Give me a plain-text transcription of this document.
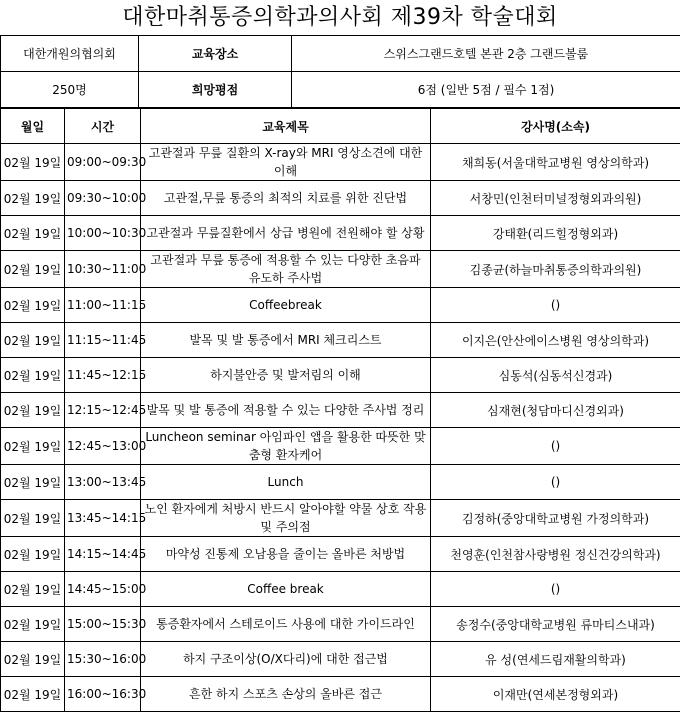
대한마취통증의학과의사회 제39차 학술대회
대한개원의협의회	교육장소	스위스그랜드호텔 본관 2층 그랜드볼룸
250명	희망평점	6점 (일반 5점 / 필수 1점)
월일	시간	교육제목	강사명(소속)
02월 19일	09:00~09:30	고관절과 무릎 질환의 X-ray와 MRI 영상소견에 대한 이해	채희동(서울대학교병원 영상의학과)
02월 19일	09:30~10:00	고관절,무릎 통증의 최적의 치료를 위한 진단법	서창민(인천터미널정형외과의원)
02월 19일	10:00~10:30	고관절과 무릎질환에서 상급 병원에 전원해야 할 상황	강태환(리드힐정형외과)
02월 19일	10:30~11:00	고관절과 무릎 통증에 적용할 수 있는 다양한 초음파 유도하 주사법	김종균(하늘마취통증의학과의원)
02월 19일	11:00~11:15	Coffeebreak	()
02월 19일	11:15~11:45	발목 및 발 통증에서 MRI 체크리스트	이지은(안산에이스병원 영상의학과)
02월 19일	11:45~12:15	하지불안증 및 발저림의 이해	심동석(심동석신경과)
02월 19일	12:15~12:45	발목 및 발 통증에 적용할 수 있는 다양한 주사법 정리	심재현(청담마디신경외과)
02월 19일	12:45~13:00	Luncheon seminar 아임파인 앱을 활용한 따뜻한 맞춤형 환자케어	()
02월 19일	13:00~13:45	Lunch	()
02월 19일	13:45~14:15	노인 환자에게 처방시 반드시 알아야할 약물 상호 작용 및 주의점	김정하(중앙대학교병원 가정의학과)
02월 19일	14:15~14:45	마약성 진통제 오남용을 줄이는 올바른 처방법	천영훈(인천참사랑병원 정신건강의학과)
02월 19일	14:45~15:00	Coffee break	()
02월 19일	15:00~15:30	통증환자에서 스테로이드 사용에 대한 가이드라인	송정수(중앙대학교병원 류마티스내과)
02월 19일	15:30~16:00	하지 구조이상(O/X다리)에 대한 접근법	유 성(연세드림재활의학과)
02월 19일	16:00~16:30	흔한 하지 스포츠 손상의 올바른 접근	이재만(연세본정형외과)
